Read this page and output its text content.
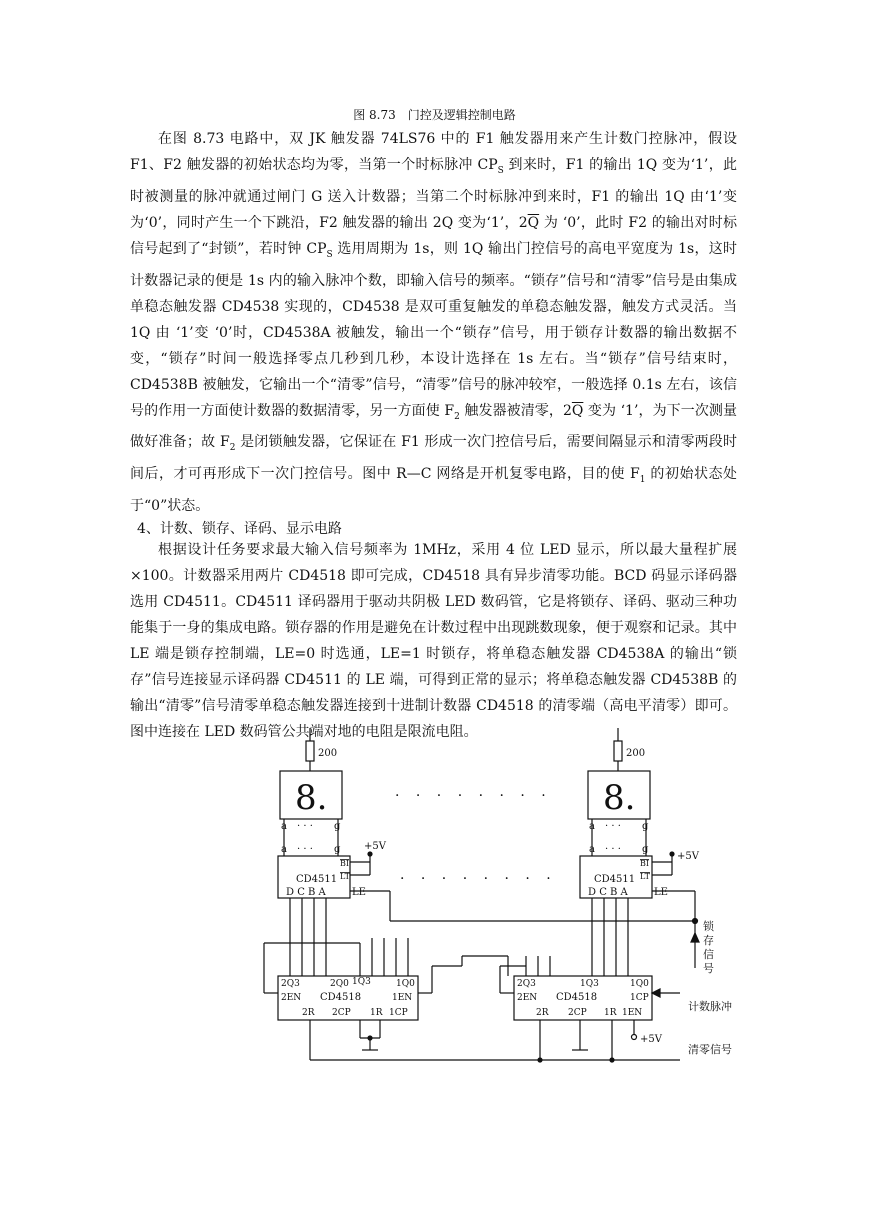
图 8.73　门控及逻辑控制电路

在图 8.73 电路中，双 JK 触发器 74LS76 中的 F1 触发器用来产生计数门控脉冲，假设 F1、F2 触发器的初始状态均为零，当第一个时标脉冲 $CP_S$ 到来时，F1 的输出 1Q 变为‘1’，此时被测量的脉冲就通过闸门 G 送入计数器；当第二个时标脉冲到来时，F1 的输出 1Q 由‘1’变为‘0’，同时产生一个下跳沿，F2 触发器的输出 2Q 变为‘1’，$2\overline{Q}$ 为 ‘0’，此时 F2 的输出对时标信号起到了“封锁”，若时钟 $CP_S$ 选用周期为 1s，则 1Q 输出门控信号的高电平宽度为 1s，这时计数器记录的便是 1s 内的输入脉冲个数，即输入信号的频率。“锁存”信号和“清零”信号是由集成单稳态触发器 CD4538 实现的，CD4538 是双可重复触发的单稳态触发器，触发方式灵活。当 1Q 由 ‘1’变 ‘0’时，CD4538A 被触发，输出一个“锁存”信号，用于锁存计数器的输出数据不变，“锁存”时间一般选择零点几秒到几秒，本设计选择在 1s 左右。当“锁存”信号结束时，CD4538B 被触发，它输出一个“清零”信号，“清零”信号的脉冲较窄，一般选择 0.1s 左右，该信号的作用一方面使计数器的数据清零，另一方面使 $F_2$ 触发器被清零，$2\overline{Q}$ 变为 ‘1’，为下一次测量做好准备；故 $F_2$ 是闭锁触发器，它保证在 F1 形成一次门控信号后，需要间隔显示和清零两段时间后，才可再形成下一次门控信号。图中 R—C 网络是开机复零电路，目的使 $F_1$ 的初始状态处于“0”状态。

4、计数、锁存、译码、显示电路

根据设计任务要求最大输入信号频率为 1MHz，采用 4 位 LED 显示，所以最大量程扩展×100。计数器采用两片 CD4518 即可完成，CD4518 具有异步清零功能。BCD 码显示译码器选用 CD4511。CD4511 译码器用于驱动共阴极 LED 数码管，它是将锁存、译码、驱动三种功能集于一身的集成电路。锁存器的作用是避免在计数过程中出现跳数现象，便于观察和记录。其中 LE 端是锁存控制端，LE=0 时选通，LE=1 时锁存，将单稳态触发器 CD4538A 的输出“锁存”信号连接显示译码器 CD4511 的 LE 端，可得到正常的显示；将单稳态触发器 CD4538B 的输出“清零”信号清零单稳态触发器连接到十进制计数器 CD4518 的清零端（高电平清零）即可。图中连接在 LED 数码管公共端对地的电阻是限流电阻。

200
8.
a · · · g
a · · · g
BI
LT
CD4511
D C B A	LE
+5V
2Q3	2Q0 1Q3	1Q0
2EN CD4518	1EN
2R 2CP 1R 1CP
· · · · · · · ·
· · · · · · · ·
200
8.
a · · · g
a · · · g
BI
LT
CD4511
D C B A	LE
+5V
锁存信号
2Q3	1Q3	1Q0
2EN CD4518	1CP
2R 2CP 1R 1EN	计数脉冲
+5V
清零信号
